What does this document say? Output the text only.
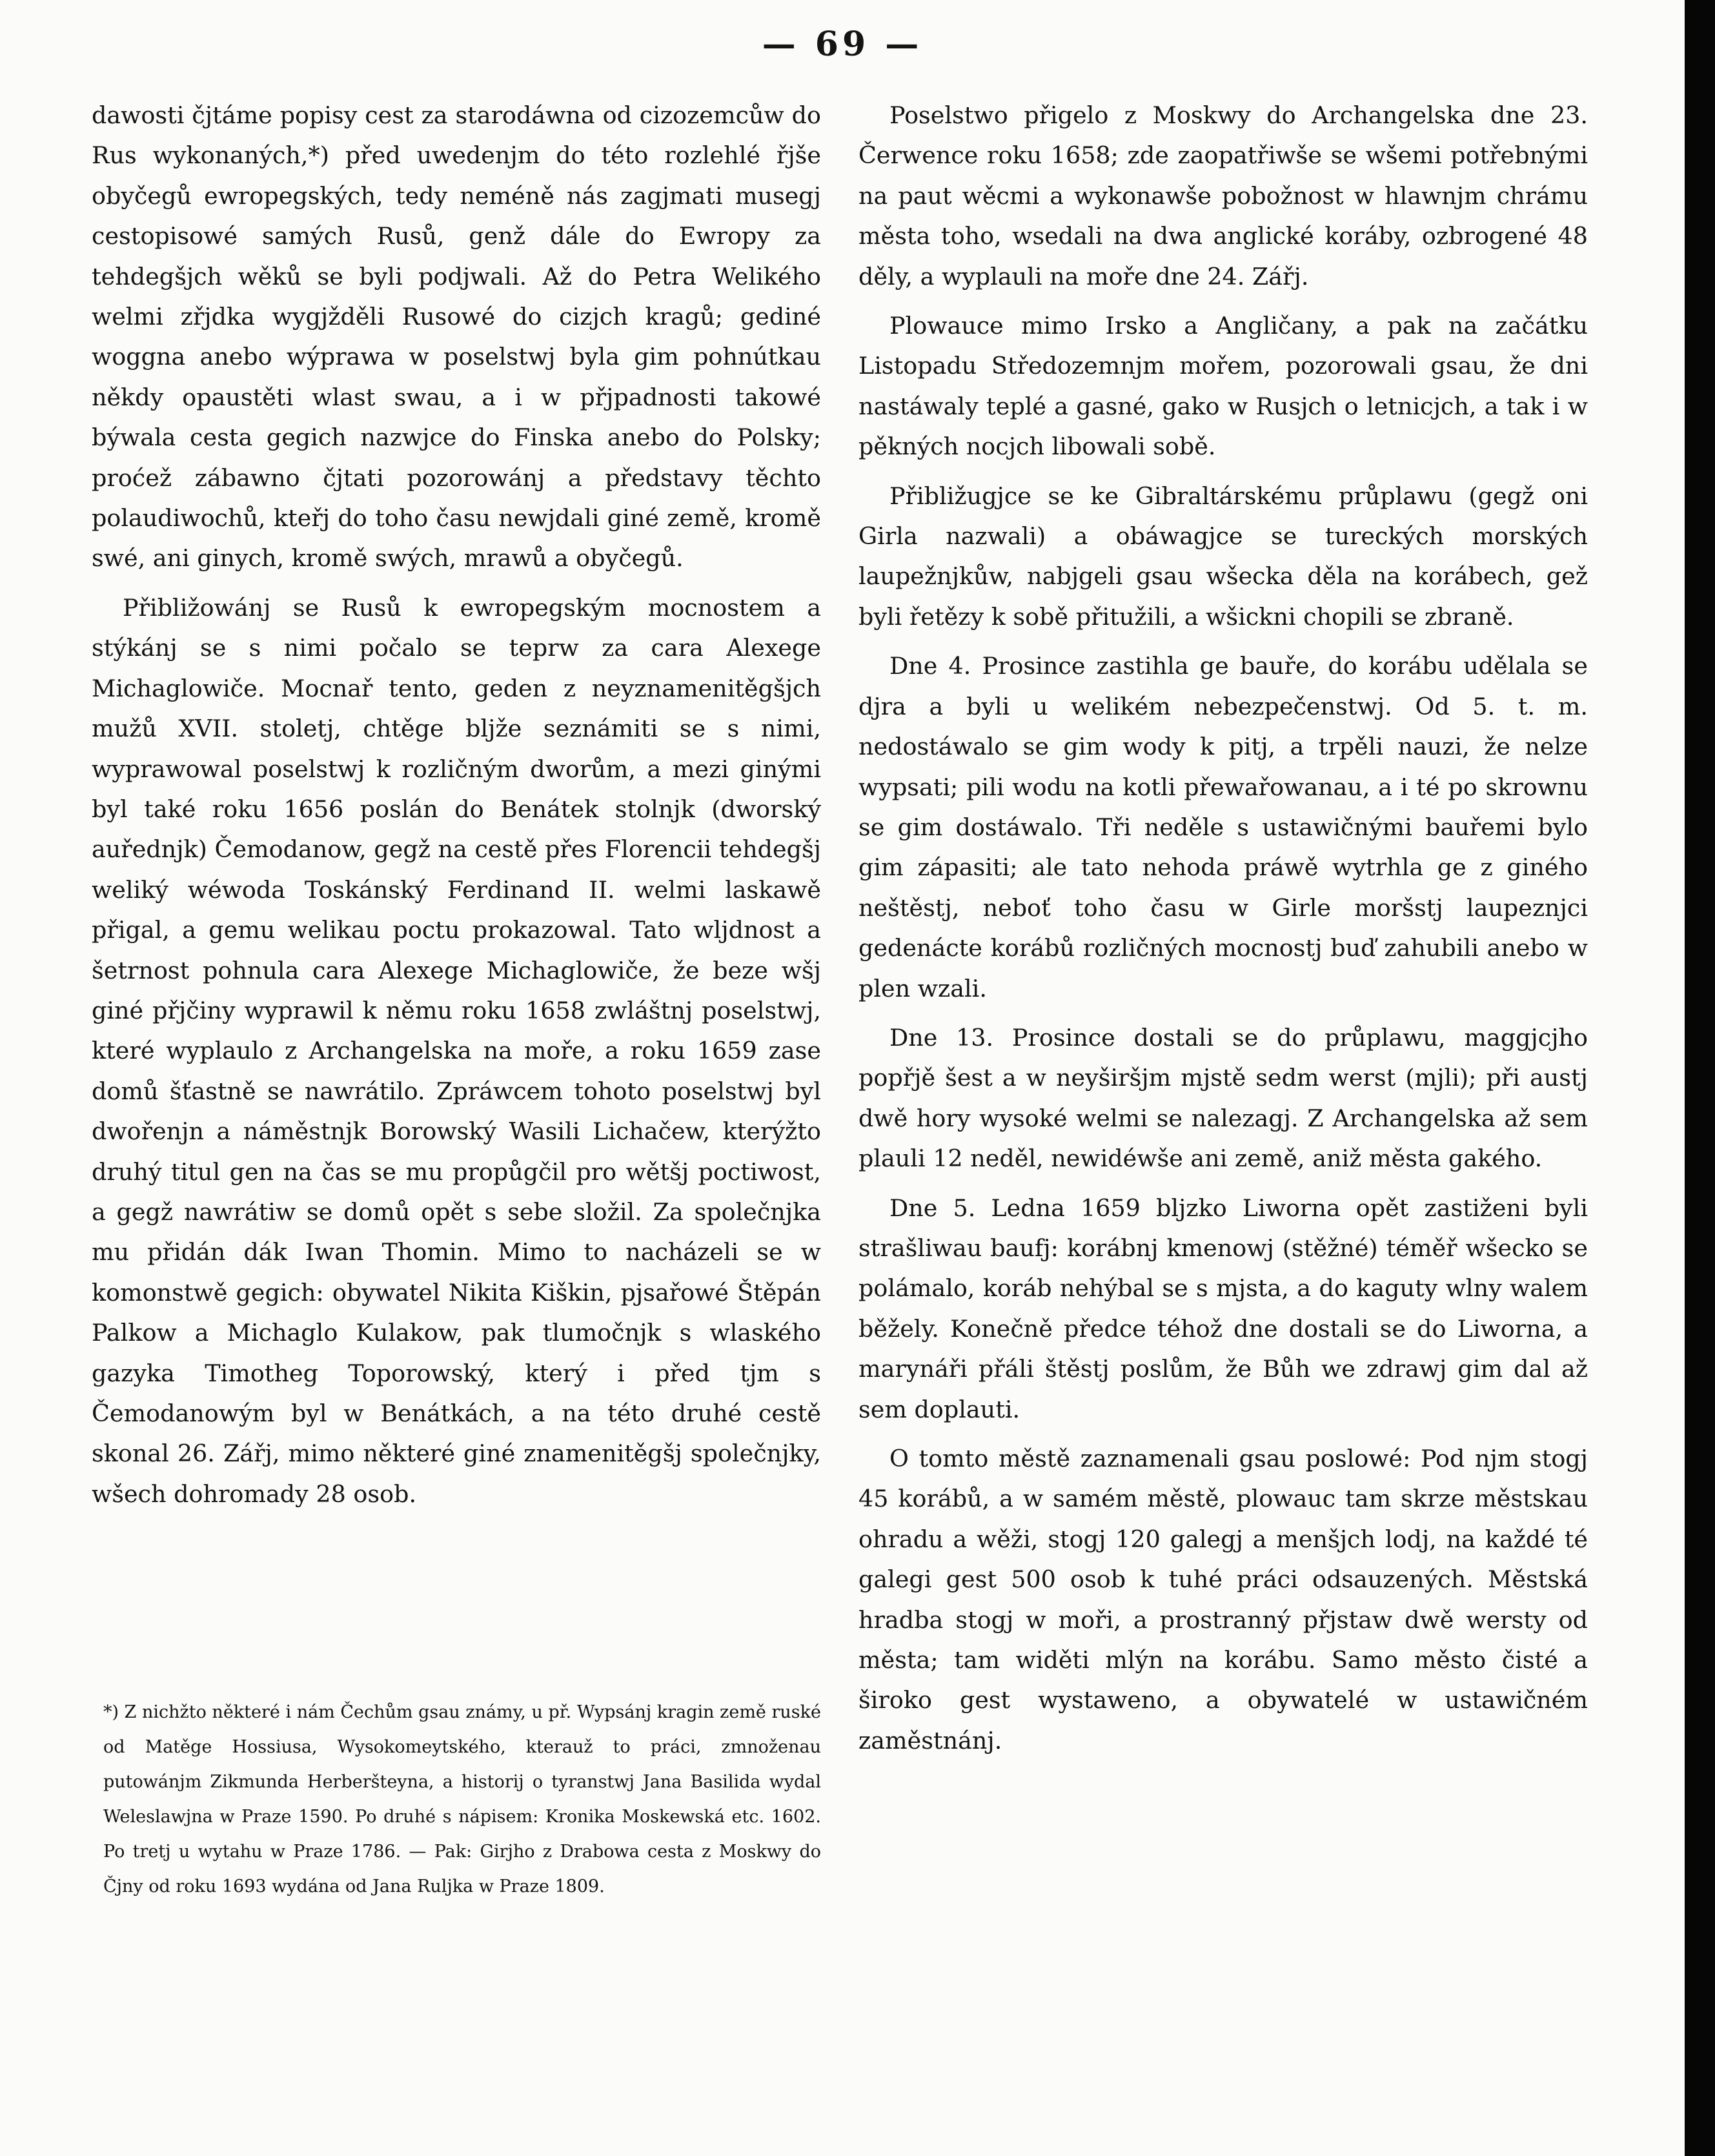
— 69 —

dawosti čjtáme popisy cest za starodáwna od cizozemcůw do Rus wykonaných,*) před uwedenjm do této rozlehlé řjše obyčegů ewropegských, tedy neméně nás zagjmati musegj cestopisowé samých Rusů, genž dále do Ewropy za tehdegšjch wěků se byli podjwali. Až do Petra Welikého welmi zřjdka wygjžděli Rusowé do cizjch kragů; gediné woggna anebo wýprawa w poselstwj byla gim pohnútkau někdy opaustěti wlast swau, a i w přjpadnosti takowé býwala cesta gegich nazwjce do Finska anebo do Polsky; proćež zábawno čjtati pozorowánj a představy těchto polaudiwochů, kteřj do toho času newjdali giné země, kromě swé, ani ginych, kromě swých, mrawů a obyčegů.

Přibližowánj se Rusů k ewropegským mocnostem a stýkánj se s nimi počalo se teprw za cara Alexege Michaglowiče. Mocnař tento, geden z neyznamenitěgšjch mužů XVII. stoletj, chtěge bljže seznámiti se s nimi, wyprawowal poselstwj k rozličným dworům, a mezi ginými byl také roku 1656 poslán do Benátek stolnjk (dworský auřednjk) Čemodanow, gegž na cestě přes Florencii tehdegšj weliký wéwoda Toskánský Ferdinand II. welmi laskawě přigal, a gemu welikau poctu prokazowal. Tato wljdnost a šetrnost pohnula cara Alexege Michaglowiče, že beze wšj giné přjčiny wyprawil k němu roku 1658 zwláštnj poselstwj, které wyplaulo z Archangelska na moře, a roku 1659 zase domů šťastně se nawrátilo. Zpráwcem tohoto poselstwj byl dwořenjn a náměstnjk Borowský Wasili Lichačew, kterýžto druhý titul gen na čas se mu propůgčil pro wětšj poctiwost, a gegž nawrátiw se domů opět s sebe složil. Za společnjka mu přidán dák Iwan Thomin. Mimo to nacházeli se w komonstwě gegich: obywatel Nikita Kiškin, pjsařowé Štěpán Palkow a Michaglo Kulakow, pak tlumočnjk s wlaského gazyka Timotheg Toporowský, který i před tjm s Čemodanowým byl w Benátkách, a na této druhé cestě skonal 26. Zářj, mimo některé giné znamenitěgšj společnjky, wšech dohromady 28 osob.

*) Z nichžto některé i nám Čechům gsau známy, u př. Wypsánj kragin země ruské od Matěge Hossiusa, Wysokomeytského, kterauž to práci, zmnoženau putowánjm Zikmunda Herberšteyna, a historij o tyranstwj Jana Basilida wydal Weleslawjna w Praze 1590. Po druhé s nápisem: Kronika Moskewská etc. 1602. Po tretj u wytahu w Praze 1786. — Pak: Girjho z Drabowa cesta z Moskwy do Čjny od roku 1693 wydána od Jana Ruljka w Praze 1809.

Poselstwo přigelo z Moskwy do Archangelska dne 23. Čerwence roku 1658; zde zaopatřiwše se wšemi potřebnými na paut wěcmi a wykonawše pobožnost w hlawnjm chrámu města toho, wsedali na dwa anglické koráby, ozbrogené 48 děly, a wyplauli na moře dne 24. Zářj.

Plowauce mimo Irsko a Angličany, a pak na začátku Listopadu Středozemnjm mořem, pozorowali gsau, že dni nastáwaly teplé a gasné, gako w Rusjch o letnicjch, a tak i w pěkných nocjch libowali sobě.

Přibližugjce se ke Gibraltárskému průplawu (gegž oni Girla nazwali) a obáwagjce se tureckých morských laupežnjkůw, nabjgeli gsau wšecka děla na korábech, gež byli řetězy k sobě přitužili, a wšickni chopili se zbraně.

Dne 4. Prosince zastihla ge bauře, do korábu udělala se djra a byli u welikém nebezpečenstwj. Od 5. t. m. nedostáwalo se gim wody k pitj, a trpěli nauzi, že nelze wypsati; pili wodu na kotli přewařowanau, a i té po skrownu se gim dostáwalo. Tři neděle s ustawičnými bauřemi bylo gim zápasiti; ale tato nehoda práwě wytrhla ge z giného neštěstj, neboť toho času w Girle moršstj laupeznjci gedenácte korábů rozličných mocnostj buď zahubili anebo w plen wzali.

Dne 13. Prosince dostali se do průplawu, maggjcjho popřjě šest a w neyširšjm mjstě sedm werst (mjli); při austj dwě hory wysoké welmi se nalezagj. Z Archangelska až sem plauli 12 neděl, newidéwše ani země, aniž města gakého.

Dne 5. Ledna 1659 bljzko Liworna opět zastiženi byli strašliwau baufj: korábnj kmenowj (stěžné) téměř wšecko se polámalo, koráb nehýbal se s mjsta, a do kaguty wlny walem běžely. Konečně předce téhož dne dostali se do Liworna, a marynáři přáli štěstj poslům, že Bůh we zdrawj gim dal až sem doplauti.

O tomto městě zaznamenali gsau poslowé: Pod njm stogj 45 korábů, a w samém městě, plowauc tam skrze městskau ohradu a wěži, stogj 120 galegj a menšjch lodj, na každé té galegi gest 500 osob k tuhé práci odsauzených. Městská hradba stogj w moři, a prostranný přjstaw dwě wersty od města; tam widěti mlýn na korábu. Samo město čisté a široko gest wystaweno, a obywatelé w ustawičném zaměstnánj.
